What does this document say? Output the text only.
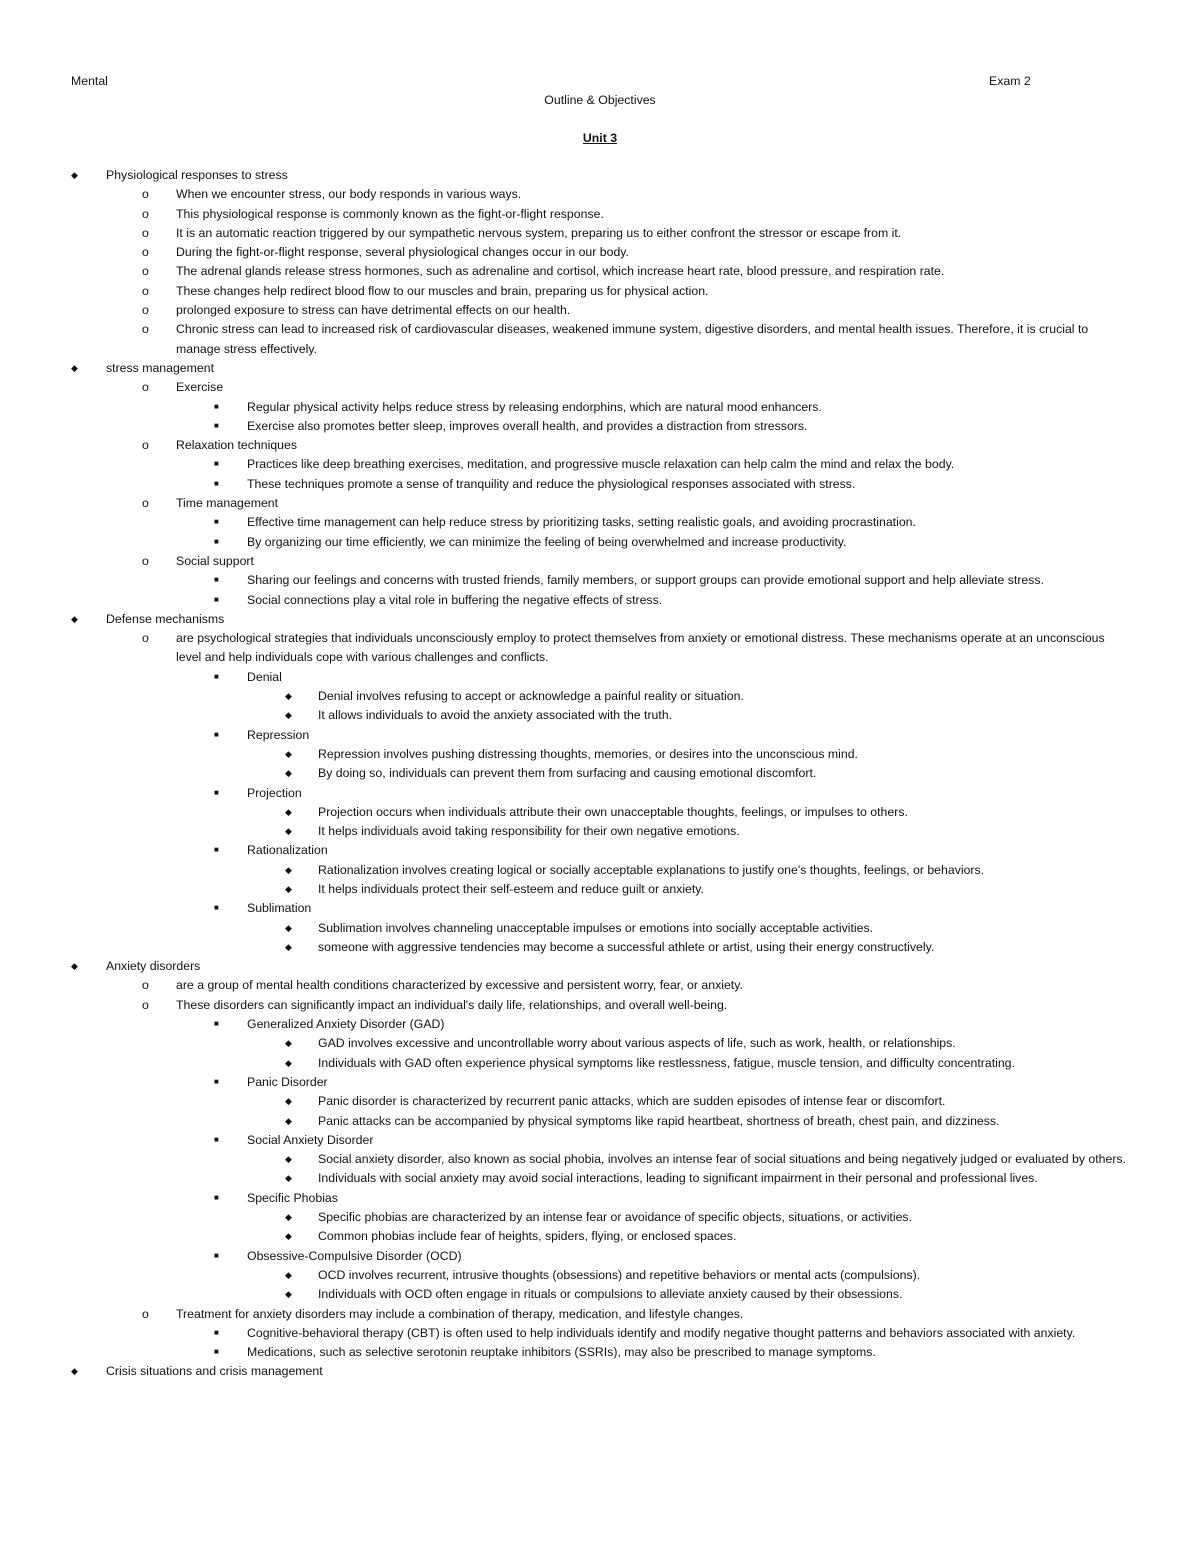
Mental	Exam 2
Outline & Objectives
Unit 3
◆ Physiological responses to stress
o When we encounter stress, our body responds in various ways.
o This physiological response is commonly known as the fight-or-flight response.
o It is an automatic reaction triggered by our sympathetic nervous system, preparing us to either confront the stressor or escape from it.
o During the fight-or-flight response, several physiological changes occur in our body.
o The adrenal glands release stress hormones, such as adrenaline and cortisol, which increase heart rate, blood pressure, and respiration rate.
o These changes help redirect blood flow to our muscles and brain, preparing us for physical action.
o prolonged exposure to stress can have detrimental effects on our health.
o Chronic stress can lead to increased risk of cardiovascular diseases, weakened immune system, digestive disorders, and mental health issues. Therefore, it is crucial to manage stress effectively.
◆ stress management
o Exercise
■ Regular physical activity helps reduce stress by releasing endorphins, which are natural mood enhancers.
■ Exercise also promotes better sleep, improves overall health, and provides a distraction from stressors.
o Relaxation techniques
■ Practices like deep breathing exercises, meditation, and progressive muscle relaxation can help calm the mind and relax the body.
■ These techniques promote a sense of tranquility and reduce the physiological responses associated with stress.
o Time management
■ Effective time management can help reduce stress by prioritizing tasks, setting realistic goals, and avoiding procrastination.
■ By organizing our time efficiently, we can minimize the feeling of being overwhelmed and increase productivity.
o Social support
■ Sharing our feelings and concerns with trusted friends, family members, or support groups can provide emotional support and help alleviate stress.
■ Social connections play a vital role in buffering the negative effects of stress.
◆ Defense mechanisms
o are psychological strategies that individuals unconsciously employ to protect themselves from anxiety or emotional distress. These mechanisms operate at an unconscious level and help individuals cope with various challenges and conflicts.
■ Denial
◆ Denial involves refusing to accept or acknowledge a painful reality or situation.
◆ It allows individuals to avoid the anxiety associated with the truth.
■ Repression
◆ Repression involves pushing distressing thoughts, memories, or desires into the unconscious mind.
◆ By doing so, individuals can prevent them from surfacing and causing emotional discomfort.
■ Projection
◆ Projection occurs when individuals attribute their own unacceptable thoughts, feelings, or impulses to others.
◆ It helps individuals avoid taking responsibility for their own negative emotions.
■ Rationalization
◆ Rationalization involves creating logical or socially acceptable explanations to justify one's thoughts, feelings, or behaviors.
◆ It helps individuals protect their self-esteem and reduce guilt or anxiety.
■ Sublimation
◆ Sublimation involves channeling unacceptable impulses or emotions into socially acceptable activities.
◆ someone with aggressive tendencies may become a successful athlete or artist, using their energy constructively.
◆ Anxiety disorders
o are a group of mental health conditions characterized by excessive and persistent worry, fear, or anxiety.
o These disorders can significantly impact an individual's daily life, relationships, and overall well-being.
■ Generalized Anxiety Disorder (GAD)
◆ GAD involves excessive and uncontrollable worry about various aspects of life, such as work, health, or relationships.
◆ Individuals with GAD often experience physical symptoms like restlessness, fatigue, muscle tension, and difficulty concentrating.
■ Panic Disorder
◆ Panic disorder is characterized by recurrent panic attacks, which are sudden episodes of intense fear or discomfort.
◆ Panic attacks can be accompanied by physical symptoms like rapid heartbeat, shortness of breath, chest pain, and dizziness.
■ Social Anxiety Disorder
◆ Social anxiety disorder, also known as social phobia, involves an intense fear of social situations and being negatively judged or evaluated by others.
◆ Individuals with social anxiety may avoid social interactions, leading to significant impairment in their personal and professional lives.
■ Specific Phobias
◆ Specific phobias are characterized by an intense fear or avoidance of specific objects, situations, or activities.
◆ Common phobias include fear of heights, spiders, flying, or enclosed spaces.
■ Obsessive-Compulsive Disorder (OCD)
◆ OCD involves recurrent, intrusive thoughts (obsessions) and repetitive behaviors or mental acts (compulsions).
◆ Individuals with OCD often engage in rituals or compulsions to alleviate anxiety caused by their obsessions.
o Treatment for anxiety disorders may include a combination of therapy, medication, and lifestyle changes.
■ Cognitive-behavioral therapy (CBT) is often used to help individuals identify and modify negative thought patterns and behaviors associated with anxiety.
■ Medications, such as selective serotonin reuptake inhibitors (SSRIs), may also be prescribed to manage symptoms.
◆ Crisis situations and crisis management
